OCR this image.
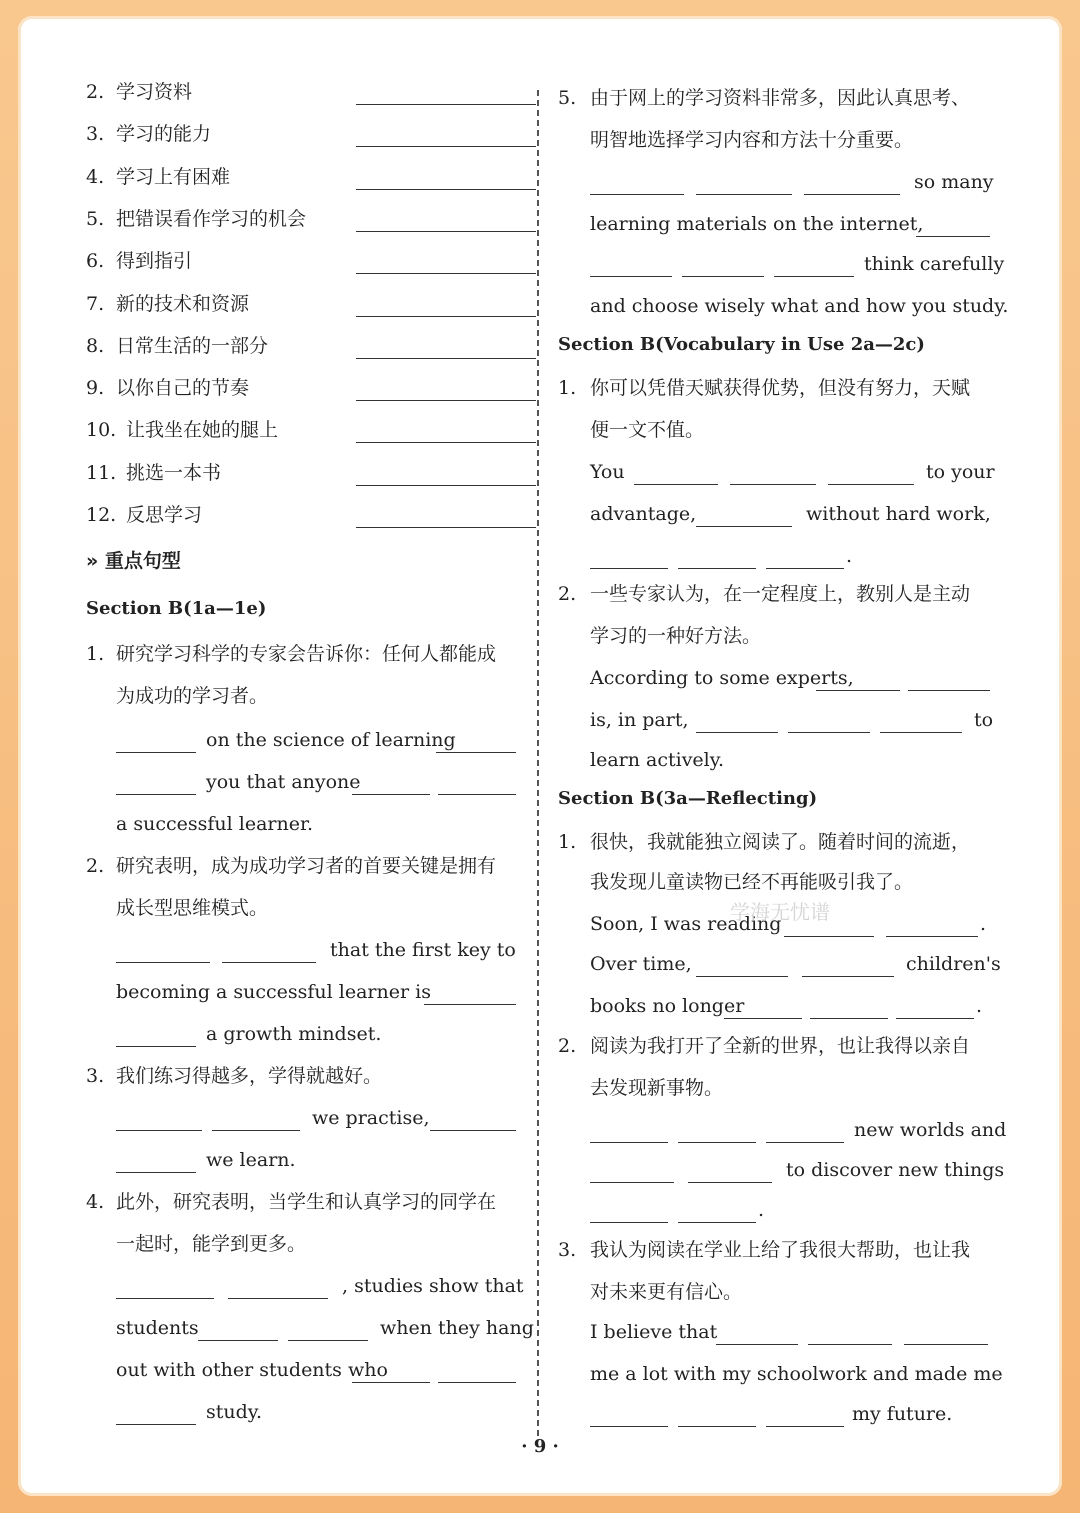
2. 学习资料
3. 学习的能力
4. 学习上有困难
5. 把错误看作学习的机会
6. 得到指引
7. 新的技术和资源
8. 日常生活的一部分
9. 以你自己的节奏
10. 让我坐在她的腿上
11. 挑选一本书
12. 反思学习
» 重点句型
Section B(1a—1e)
1. 研究学习科学的专家会告诉你：任何人都能成
为成功的学习者。
on the science of learning
you that anyone
a successful learner.
2. 研究表明，成为成功学习者的首要关键是拥有
成长型思维模式。
that the first key to
becoming a successful learner is
a growth mindset.
3. 我们练习得越多，学得就越好。
we practise,
we learn.
4. 此外，研究表明，当学生和认真学习的同学在
一起时，能学到更多。
, studies show that
students	when they hang
out with other students who
study.
5. 由于网上的学习资料非常多，因此认真思考、
明智地选择学习内容和方法十分重要。
so many
learning materials on the internet,
think carefully
and choose wisely what and how you study.
Section B(Vocabulary in Use 2a—2c)
1. 你可以凭借天赋获得优势，但没有努力，天赋
便一文不值。
You	to your
advantage,	without hard work,
.
2. 一些专家认为，在一定程度上，教别人是主动
学习的一种好方法。
According to some experts,
is, in part,	to
learn actively.
Section B(3a—Reflecting)
1. 很快，我就能独立阅读了。随着时间的流逝，
我发现儿童读物已经不再能吸引我了。
Soon, I was reading	.
Over time,	children's
books no longer	.
2. 阅读为我打开了全新的世界，也让我得以亲自
去发现新事物。
new worlds and
to discover new things
.
3. 我认为阅读在学业上给了我很大帮助，也让我
对未来更有信心。
I believe that
me a lot with my schoolwork and made me
my future.
学海无忧谱
· 9 ·
